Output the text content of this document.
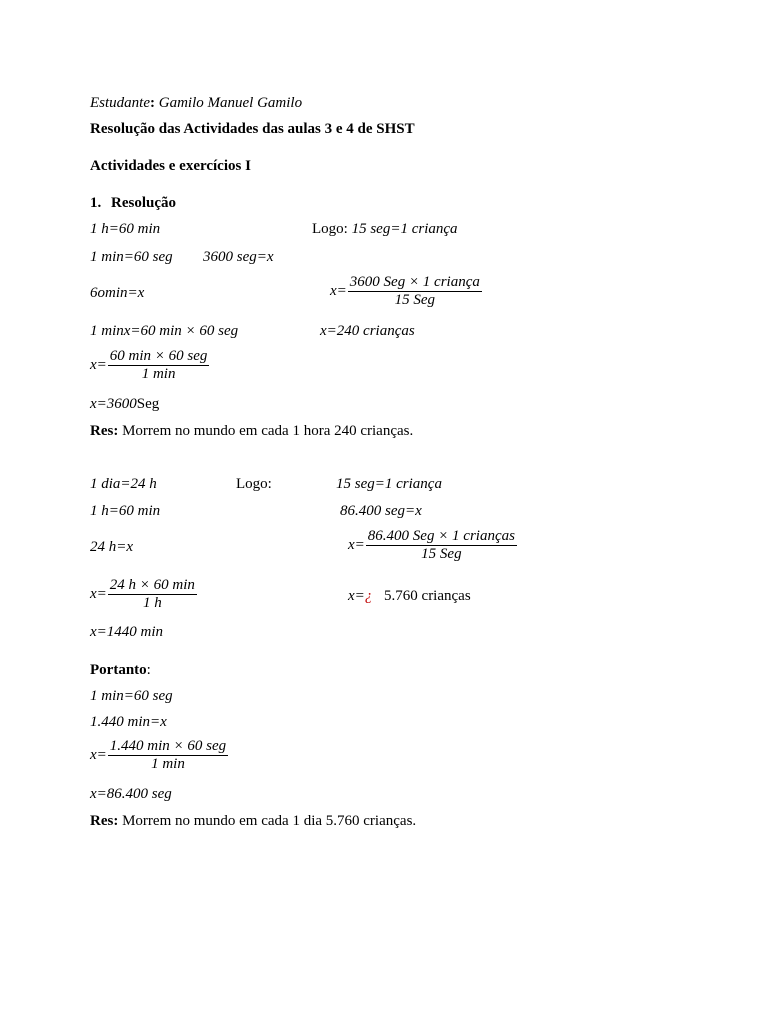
Estudante: Gamilo Manuel Gamilo
Resolução das Actividades das aulas 3 e 4 de SHST
Actividades e exercícios I
1. Resolução
1 h=60 min	Logo: 15 seg=1 criança
1 min=60 seg 3600 seg=x
6omin=x	$x= \frac{\text{3600 Seg × 1 criança}}{\text{15 Seg}}$
1 minx=60 min × 60 seg	x=240 crianças
$x= \frac{\text{60 min × 60 seg}}{1 \min}$
x=3600Seg
Res: Morrem no mundo em cada 1 hora 240 crianças.
1 dia=24 h	Logo:	15 seg=1 criança
1 h=60 min	86.400 seg=x
24 h=x	$x= \frac{\text{86.400 Seg × 1 crianças}}{\text{15 Seg}}$
$x= \frac{24 h \times 60 \min}{1 h}$	x=¿ 5.760 crianças
x=1440 min
Portanto:
1 min=60 seg
1.440 min=x
$x= \frac{\text{1.440 min × 60 seg}}{1 \min}$
x=86.400 seg
Res: Morrem no mundo em cada 1 dia 5.760 crianças.
